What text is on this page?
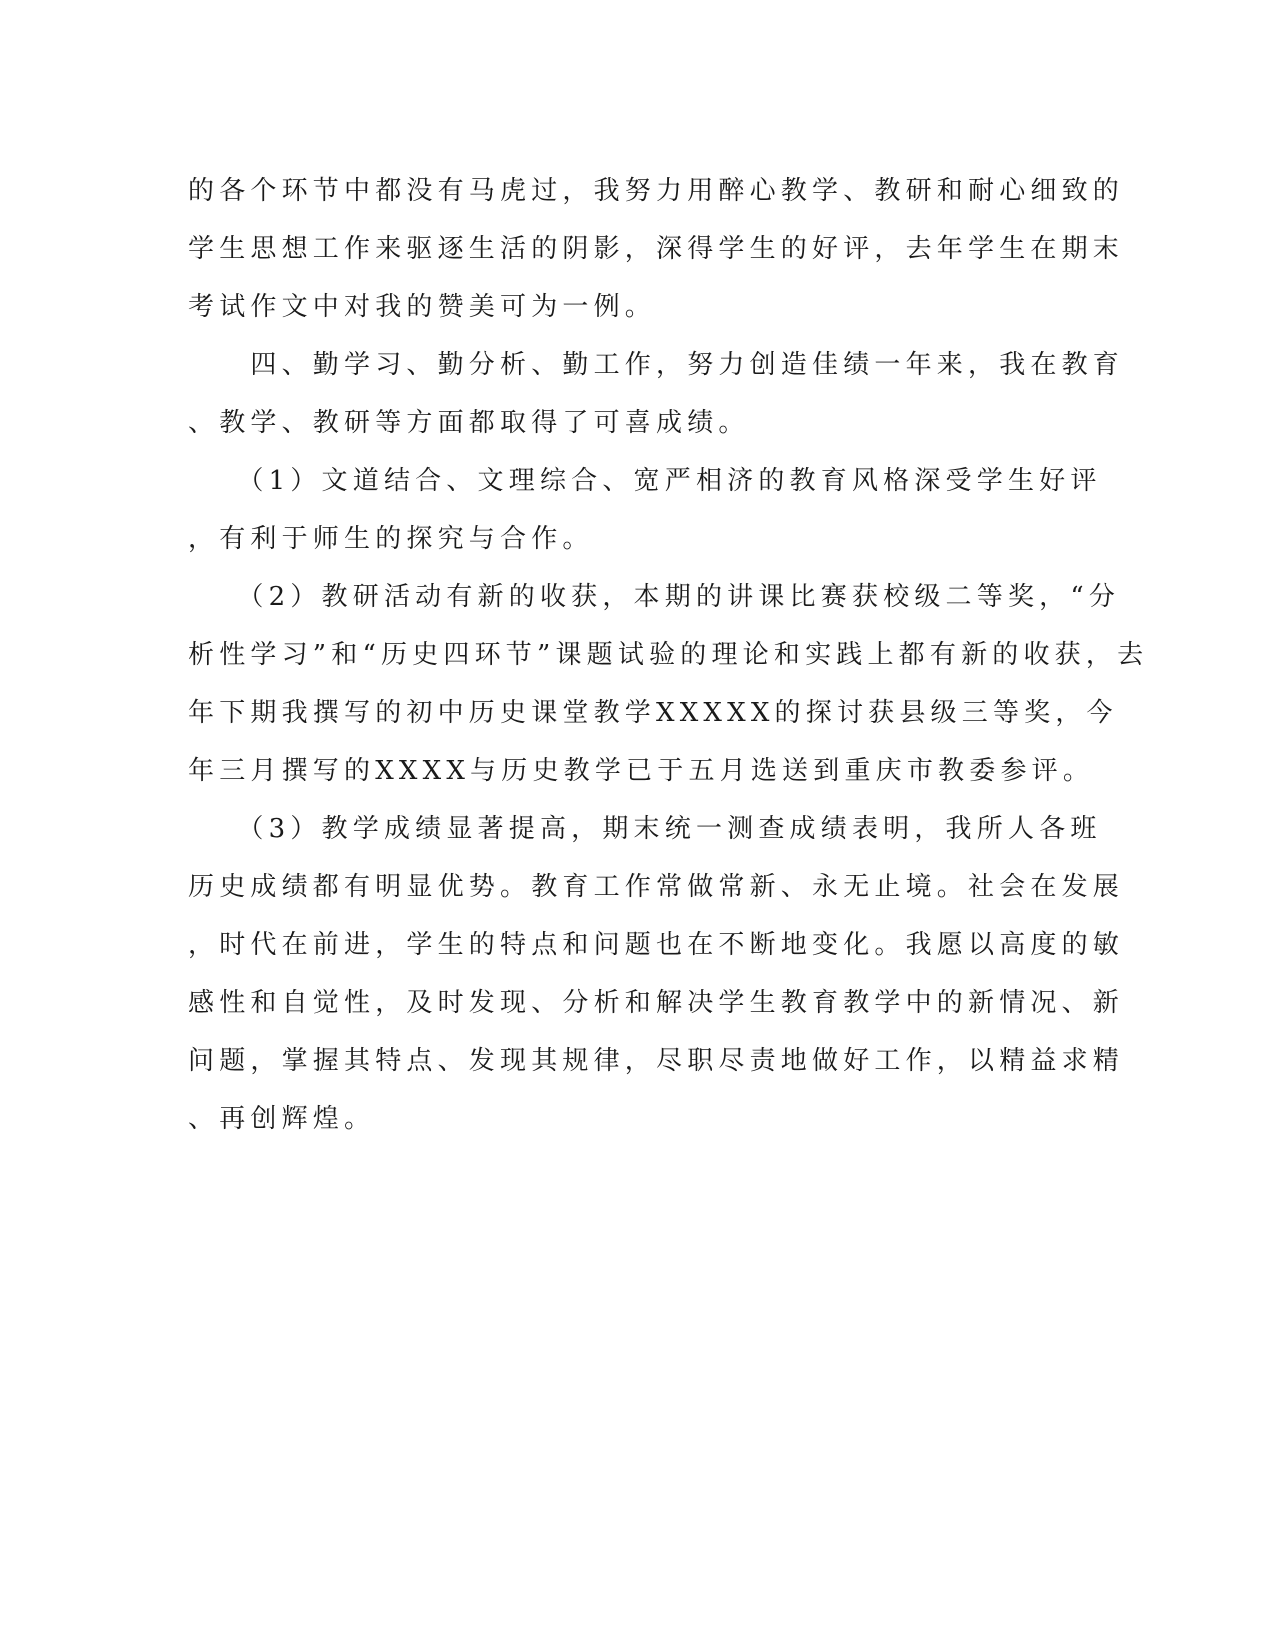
的各个环节中都没有马虎过，我努力用醉心教学、教研和耐心细致的
学生思想工作来驱逐生活的阴影，深得学生的好评，去年学生在期末
考试作文中对我的赞美可为一例。
　　四、勤学习、勤分析、勤工作，努力创造佳绩一年来，我在教育
、教学、教研等方面都取得了可喜成绩。
　　（1）文道结合、文理综合、宽严相济的教育风格深受学生好评
，有利于师生的探究与合作。
　　（2）教研活动有新的收获，本期的讲课比赛获校级二等奖，“分
析性学习”和“历史四环节”课题试验的理论和实践上都有新的收获，去
年下期我撰写的初中历史课堂教学XXXXX的探讨获县级三等奖，今
年三月撰写的XXXX与历史教学已于五月选送到重庆市教委参评。
　　（3）教学成绩显著提高，期末统一测查成绩表明，我所人各班
历史成绩都有明显优势。教育工作常做常新、永无止境。社会在发展
，时代在前进，学生的特点和问题也在不断地变化。我愿以高度的敏
感性和自觉性，及时发现、分析和解决学生教育教学中的新情况、新
问题，掌握其特点、发现其规律，尽职尽责地做好工作，以精益求精
、再创辉煌。
